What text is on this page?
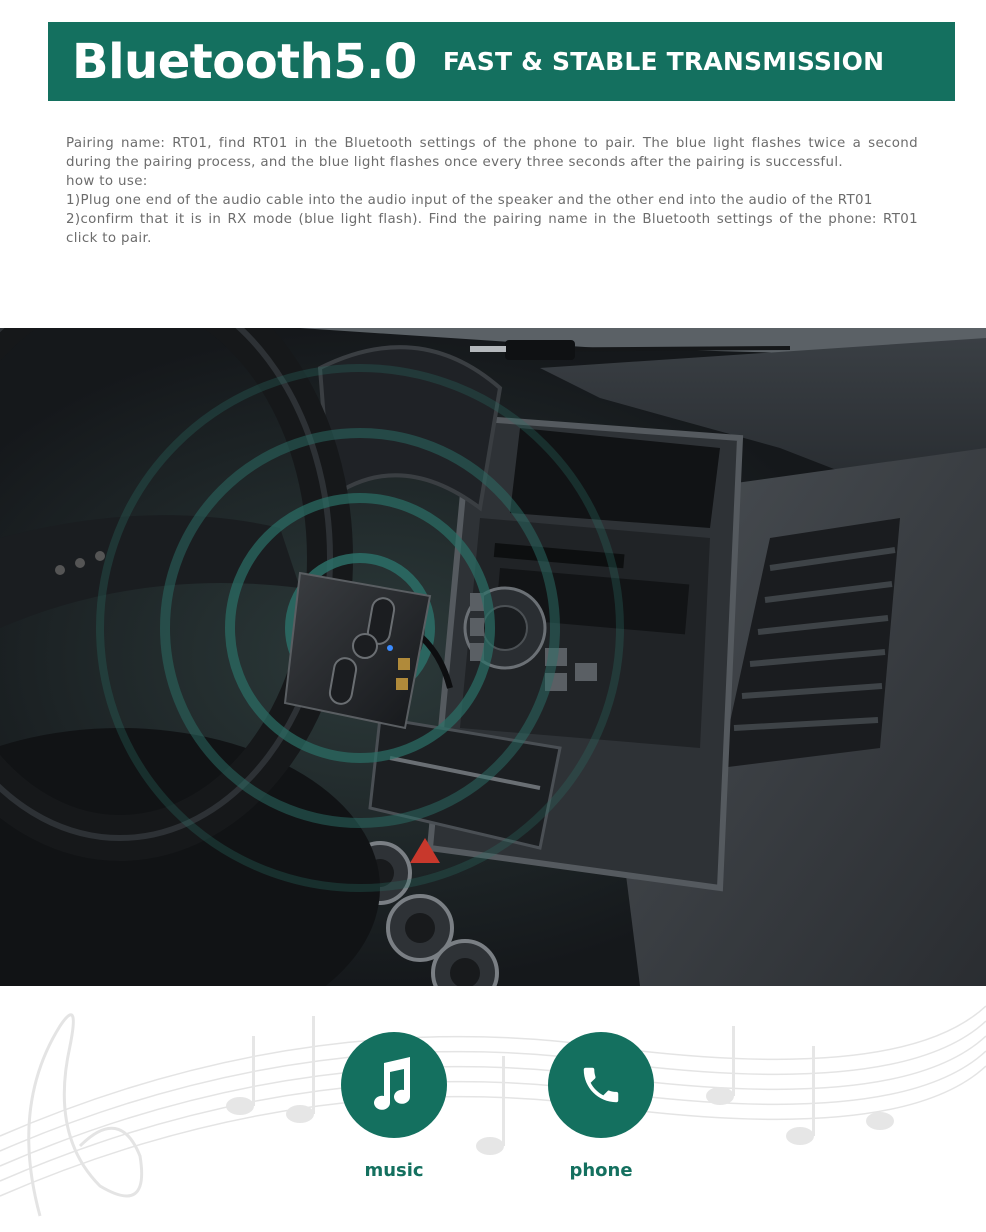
Bluetooth5.0 FAST & STABLE TRANSMISSION

Pairing name: RT01, find RT01 in the Bluetooth settings of the phone to pair. The blue light flashes twice a second during the pairing process, and the blue light flashes once every three seconds after the pairing is successful.

how to use:

1)Plug one end of the audio cable into the audio input of the speaker and the other end into the audio of the RT01

2)confirm that it is in RX mode (blue light flash). Find the pairing name in the Bluetooth settings of the phone: RT01 click to pair.

music	phone
